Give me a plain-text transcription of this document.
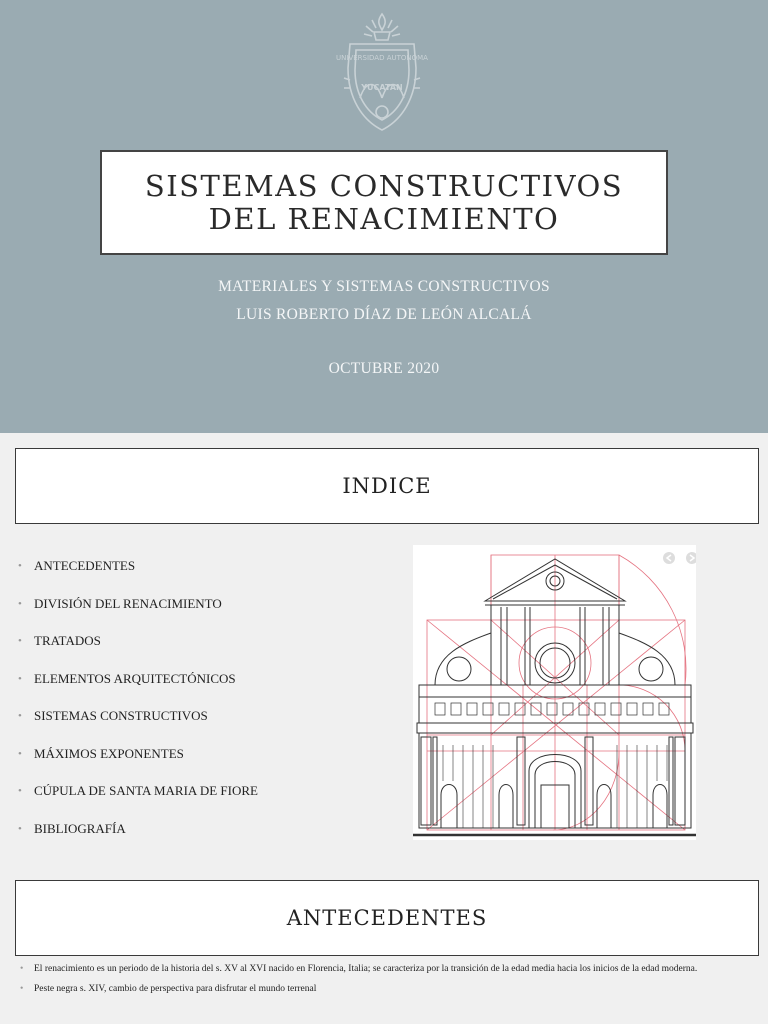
UNIVERSIDAD AUTONOMA
YUCATAN
SISTEMAS CONSTRUCTIVOS DEL RENACIMIENTO
MATERIALES Y SISTEMAS CONSTRUCTIVOS
LUIS ROBERTO DÍAZ DE LEÓN ALCALÁ
OCTUBRE 2020
INDICE
• ANTECEDENTES
• DIVISIÓN DEL RENACIMIENTO
• TRATADOS
• ELEMENTOS ARQUITECTÓNICOS
• SISTEMAS CONSTRUCTIVOS
• MÁXIMOS EXPONENTES
• CÚPULA DE SANTA MARIA DE FIORE
• BIBLIOGRAFÍA
ANTECEDENTES
•	El renacimiento es un periodo de la historia del s. XV al XVI nacido en Florencia, Italia; se caracteriza por la transición de la edad media hacia los inicios de la edad moderna.
•	Peste negra s. XIV, cambio de perspectiva para disfrutar el mundo terrenal
